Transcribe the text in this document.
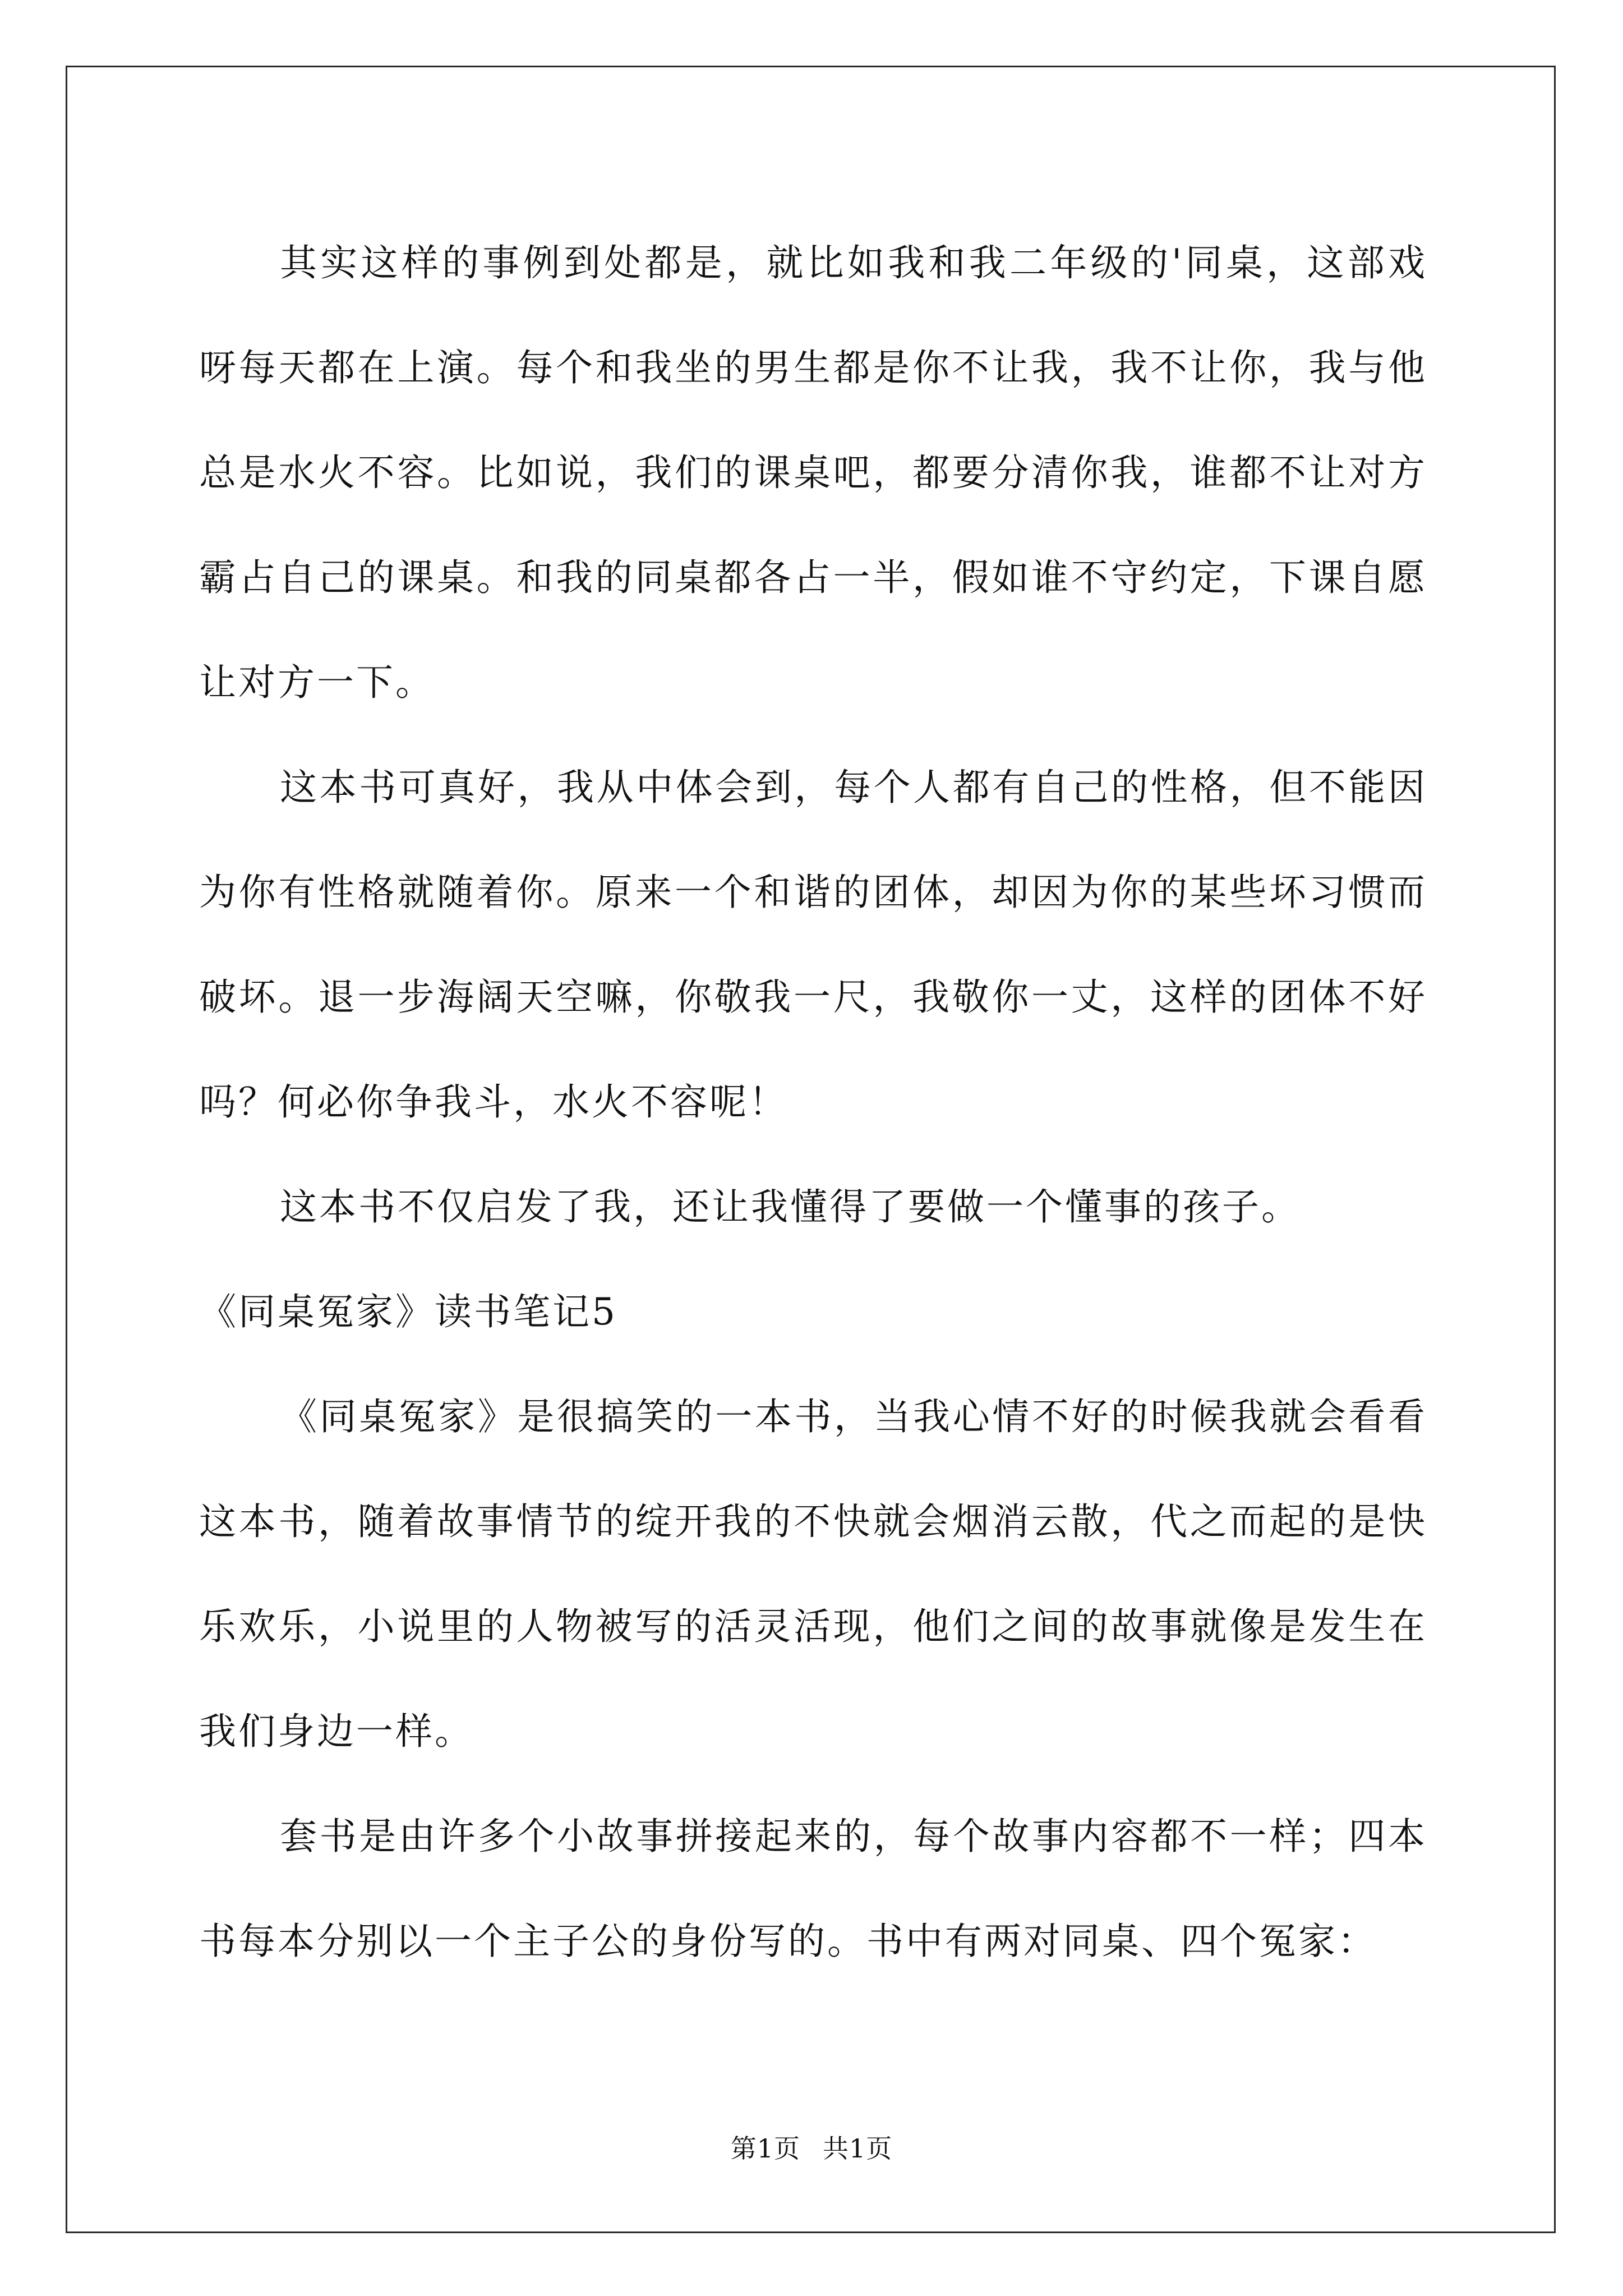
其实这样的事例到处都是，就比如我和我二年级的'同桌，这部戏呀每天都在上演。每个和我坐的男生都是你不让我，我不让你，我与他总是水火不容。比如说，我们的课桌吧，都要分清你我，谁都不让对方霸占自己的课桌。和我的同桌都各占一半，假如谁不守约定，下课自愿让对方一下。

这本书可真好，我从中体会到，每个人都有自己的性格，但不能因为你有性格就随着你。原来一个和谐的团体，却因为你的某些坏习惯而破坏。退一步海阔天空嘛，你敬我一尺，我敬你一丈，这样的团体不好吗？何必你争我斗，水火不容呢！

这本书不仅启发了我，还让我懂得了要做一个懂事的孩子。

《同桌冤家》读书笔记5

《同桌冤家》是很搞笑的一本书，当我心情不好的时候我就会看看这本书，随着故事情节的绽开我的不快就会烟消云散，代之而起的是快乐欢乐，小说里的人物被写的活灵活现，他们之间的故事就像是发生在我们身边一样。

套书是由许多个小故事拼接起来的，每个故事内容都不一样；四本书每本分别以一个主子公的身份写的。书中有两对同桌、四个冤家：

第1页 共1页
